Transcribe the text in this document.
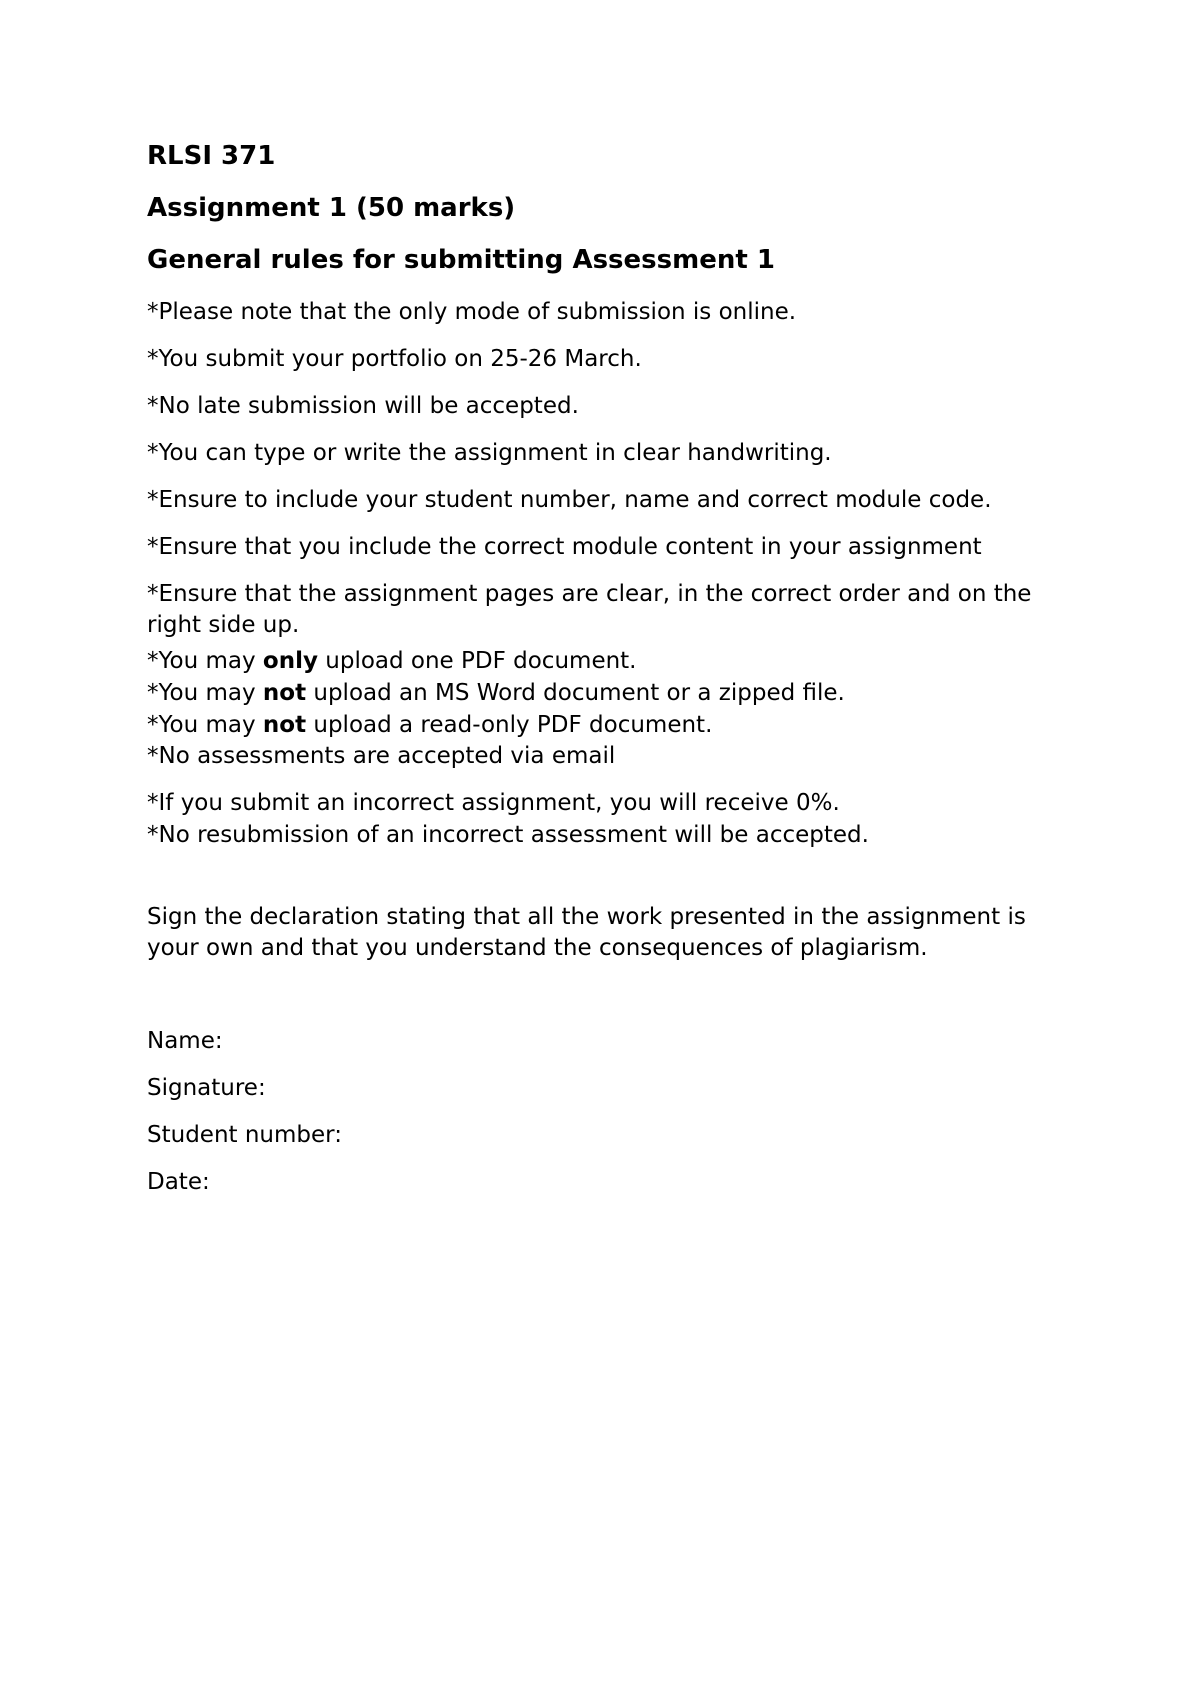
RLSI 371
Assignment 1 (50 marks)
General rules for submitting Assessment 1
*Please note that the only mode of submission is online.
*You submit your portfolio on 25-26 March.
*No late submission will be accepted.
*You can type or write the assignment in clear handwriting.
*Ensure to include your student number, name and correct module code.
*Ensure that you include the correct module content in your assignment
*Ensure that the assignment pages are clear, in the correct order and on the right side up.
*You may only upload one PDF document.
*You may not upload an MS Word document or a zipped file.
*You may not upload a read-only PDF document.
*No assessments are accepted via email
*If you submit an incorrect assignment, you will receive 0%.
*No resubmission of an incorrect assessment will be accepted.
Sign the declaration stating that all the work presented in the assignment is your own and that you understand the consequences of plagiarism.
Name:
Signature:
Student number:
Date:
